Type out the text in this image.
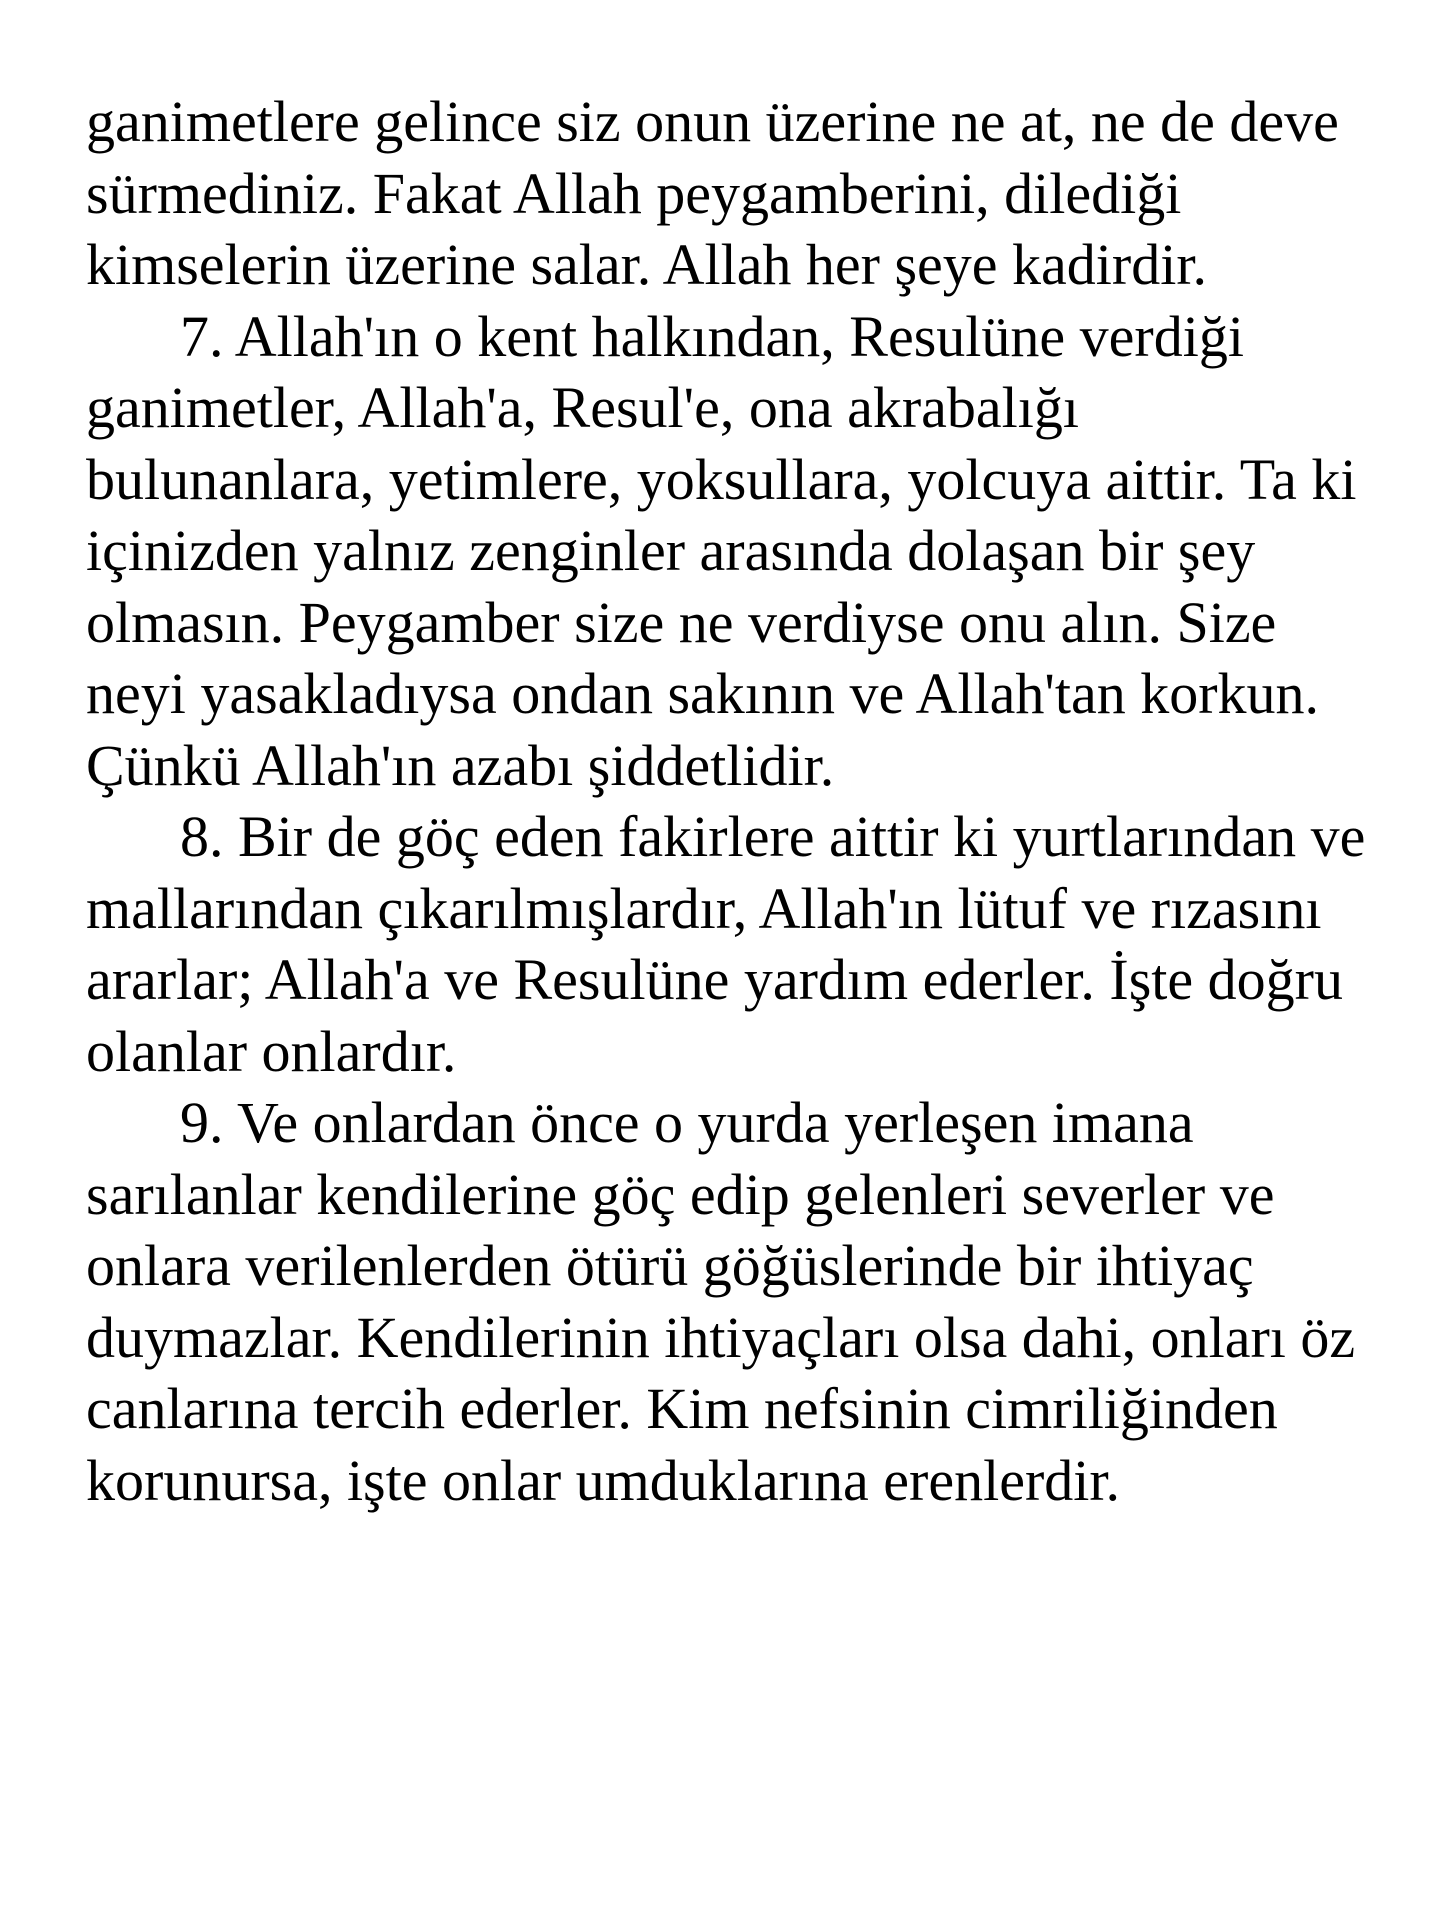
ganimetlere gelince siz onun üzerine ne at, ne de deve sürmediniz. Fakat Allah peygamberini, dilediği kimselerin üzerine salar. Allah her şeye kadirdir.

7. Allah'ın o kent halkından, Resulüne verdiği ganimetler, Allah'a, Resul'e, ona akrabalığı bulunanlara, yetimlere, yoksullara, yolcuya aittir. Ta ki içinizden yalnız zenginler arasında dolaşan bir şey olmasın. Peygamber size ne verdiyse onu alın. Size neyi yasakladıysa ondan sakının ve Allah'tan korkun. Çünkü Allah'ın azabı şiddetlidir.

8. Bir de göç eden fakirlere aittir ki yurtlarından ve mallarından çıkarılmışlardır, Allah'ın lütuf ve rızasını ararlar; Allah'a ve Resulüne yardım ederler. İşte doğru olanlar onlardır.

9. Ve onlardan önce o yurda yerleşen imana sarılanlar kendilerine göç edip gelenleri severler ve onlara verilenlerden ötürü göğüslerinde bir ihtiyaç duymazlar. Kendilerinin ihtiyaçları olsa dahi, onları öz canlarına tercih ederler. Kim nefsinin cimriliğinden korunursa, işte onlar umduklarına erenlerdir.
